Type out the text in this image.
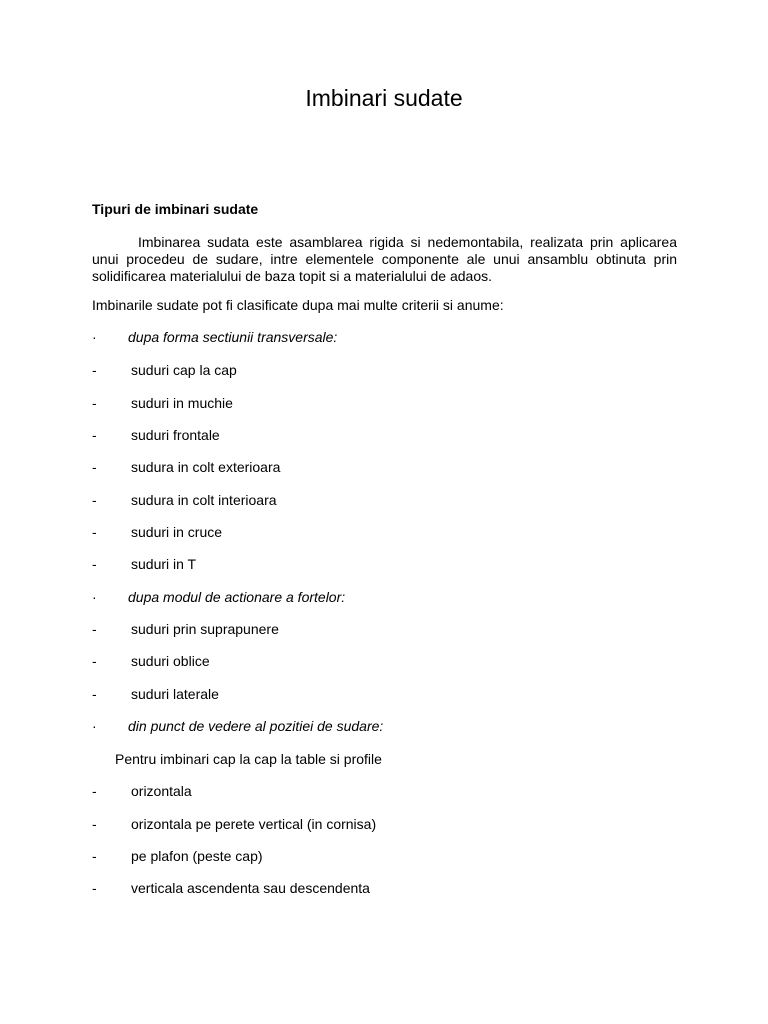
Imbinari sudate
Tipuri de imbinari sudate
Imbinarea sudata este asamblarea rigida si nedemontabila, realizata prin aplicarea unui procedeu de sudare, intre elementele componente ale unui ansamblu obtinuta prin solidificarea materialului de baza topit si a materialului de adaos.
Imbinarile sudate pot fi clasificate dupa mai multe criterii si anume:
·	dupa forma sectiunii transversale:
-	suduri cap la cap
-	suduri in muchie
-	suduri frontale
-	sudura in colt exterioara
-	sudura in colt interioara
-	suduri in cruce
-	suduri in T
·	dupa modul de actionare a fortelor:
-	suduri prin suprapunere
-	suduri oblice
-	suduri laterale
·	din punct de vedere al pozitiei de sudare:
Pentru imbinari cap la cap la table si profile
-	orizontala
-	orizontala pe perete vertical (in cornisa)
-	pe plafon (peste cap)
-	verticala ascendenta sau descendenta
